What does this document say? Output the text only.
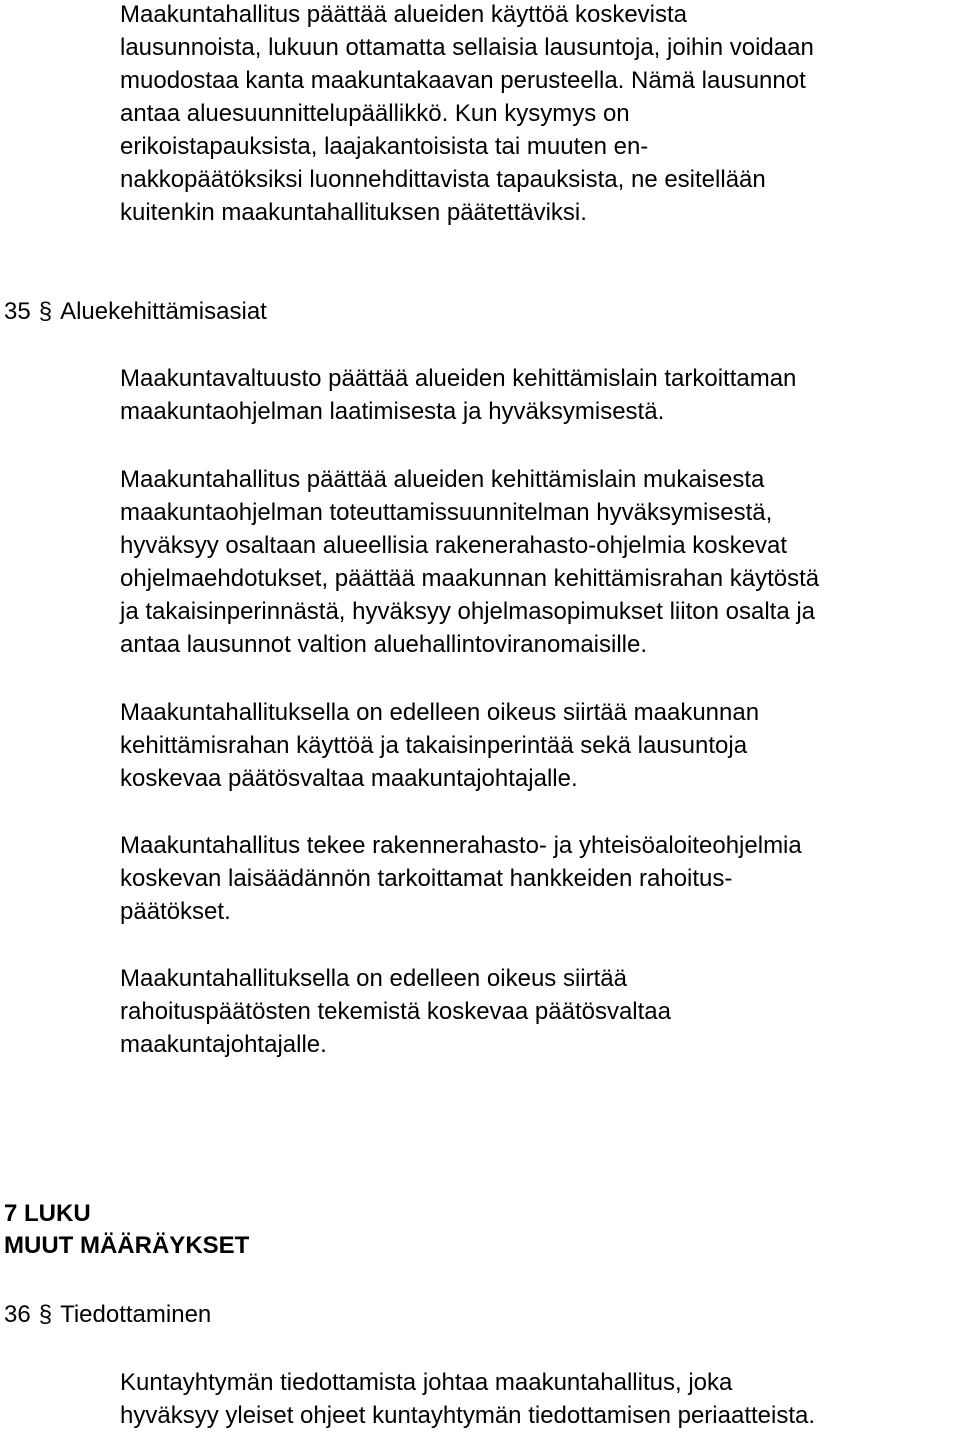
Maakuntahallitus päättää alueiden käyttöä koskevista
lausunnoista, lukuun ottamatta sellaisia lausuntoja, joihin voidaan
muodostaa kanta maakuntakaavan perusteella. Nämä lausunnot
antaa aluesuunnittelupäällikkö. Kun kysymys on
erikoistapauksista, laajakantoisista tai muuten en-
nakkopäätöksiksi luonnehdittavista tapauksista, ne esitellään
kuitenkin maakuntahallituksen päätettäviksi.

35 § Aluekehittämisasiat

Maakuntavaltuusto päättää alueiden kehittämislain tarkoittaman
maakuntaohjelman laatimisesta ja hyväksymisestä.

Maakuntahallitus päättää alueiden kehittämislain mukaisesta
maakuntaohjelman toteuttamissuunnitelman hyväksymisestä,
hyväksyy osaltaan alueellisia rakenerahasto-ohjelmia koskevat
ohjelmaehdotukset, päättää maakunnan kehittämisrahan käytöstä
ja takaisinperinnästä, hyväksyy ohjelmasopimukset liiton osalta ja
antaa lausunnot valtion aluehallintoviranomaisille.

Maakuntahallituksella on edelleen oikeus siirtää maakunnan
kehittämisrahan käyttöä ja takaisinperintää sekä lausuntoja
koskevaa päätösvaltaa maakuntajohtajalle.

Maakuntahallitus tekee rakennerahasto- ja yhteisöaloiteohjelmia
koskevan laisäädännön tarkoittamat hankkeiden rahoitus-
päätökset.

Maakuntahallituksella on edelleen oikeus siirtää
rahoituspäätösten tekemistä koskevaa päätösvaltaa
maakuntajohtajalle.

7 LUKU
MUUT MÄÄRÄYKSET
36 § Tiedottaminen

Kuntayhtymän tiedottamista johtaa maakuntahallitus, joka
hyväksyy yleiset ohjeet kuntayhtymän tiedottamisen periaatteista.
